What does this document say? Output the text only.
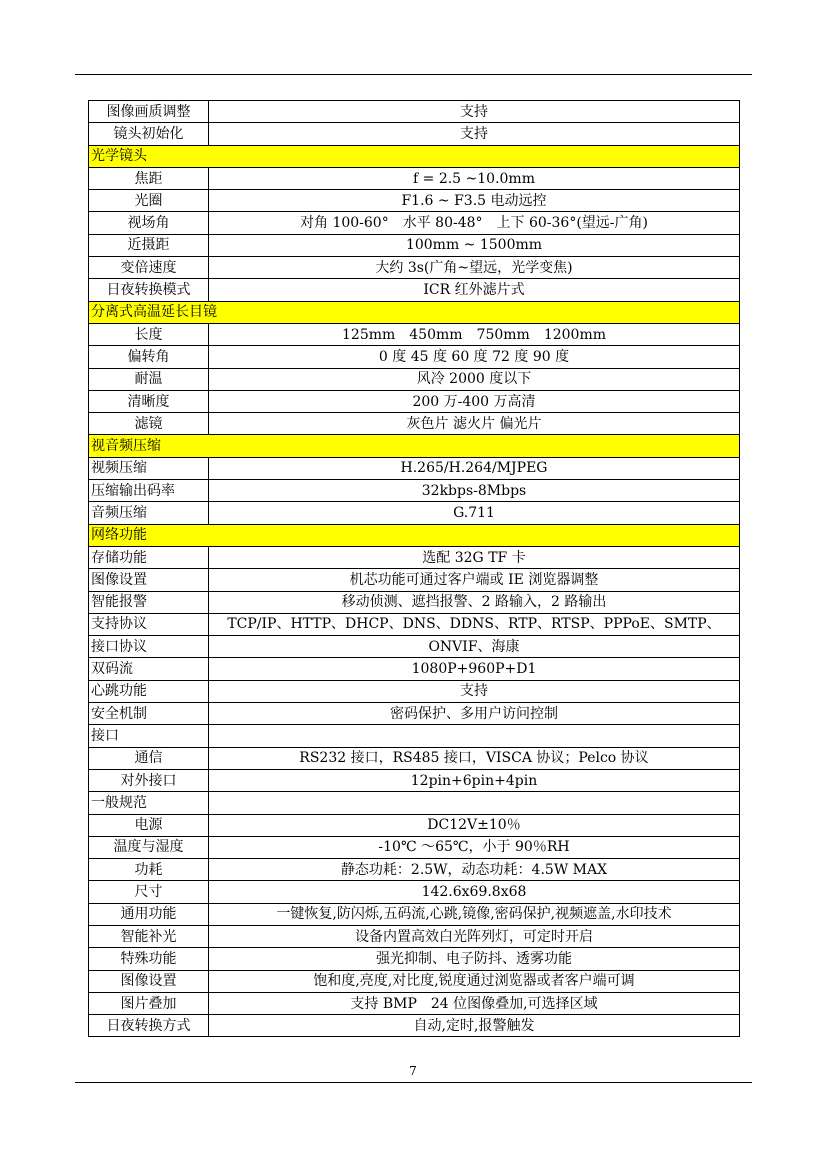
图像画质调整	支持
镜头初始化	支持
光学镜头	
焦距	f = 2.5 ~10.0mm
光圈	F1.6 ~ F3.5 电动远控
视场角	对角 100-60°　水平 80-48°　上下 60-36°(望远-广角)
近摄距	100mm ~ 1500mm
变倍速度	大约 3s(广角~望远，光学变焦)
日夜转换模式	ICR 红外滤片式
分离式高温延长目镜	
长度	125mm　450mm　750mm　1200mm
偏转角	0 度 45 度 60 度 72 度 90 度
耐温	风冷 2000 度以下
清晰度	200 万-400 万高清
滤镜	灰色片 滤火片 偏光片
视音频压缩	
视频压缩	H.265/H.264/MJPEG
压缩输出码率	32kbps-8Mbps
音频压缩	G.711
网络功能	
存储功能	选配 32G TF 卡
图像设置	机芯功能可通过客户端或 IE 浏览器调整
智能报警	移动侦测、遮挡报警、2 路输入，2 路输出
支持协议	TCP/IP、HTTP、DHCP、DNS、DDNS、RTP、RTSP、PPPoE、SMTP、
接口协议	ONVIF、海康
双码流	1080P+960P+D1
心跳功能	支持
安全机制	密码保护、多用户访问控制
接口	
通信	RS232 接口，RS485 接口，VISCA 协议；Pelco 协议
对外接口	12pin+6pin+4pin
一般规范	
电源	DC12V±10％
温度与湿度	-10℃ ～65℃，小于 90％RH
功耗	静态功耗：2.5W，动态功耗：4.5W MAX
尺寸	142.6x69.8x68
通用功能	一键恢复,防闪烁,五码流,心跳,镜像,密码保护,视频遮盖,水印技术
智能补光	设备内置高效白光阵列灯，可定时开启
特殊功能	强光抑制、电子防抖、透雾功能
图像设置	饱和度,亮度,对比度,锐度通过浏览器或者客户端可调
图片叠加	支持 BMP　24 位图像叠加,可选择区域
日夜转换方式	自动,定时,报警触发
7
